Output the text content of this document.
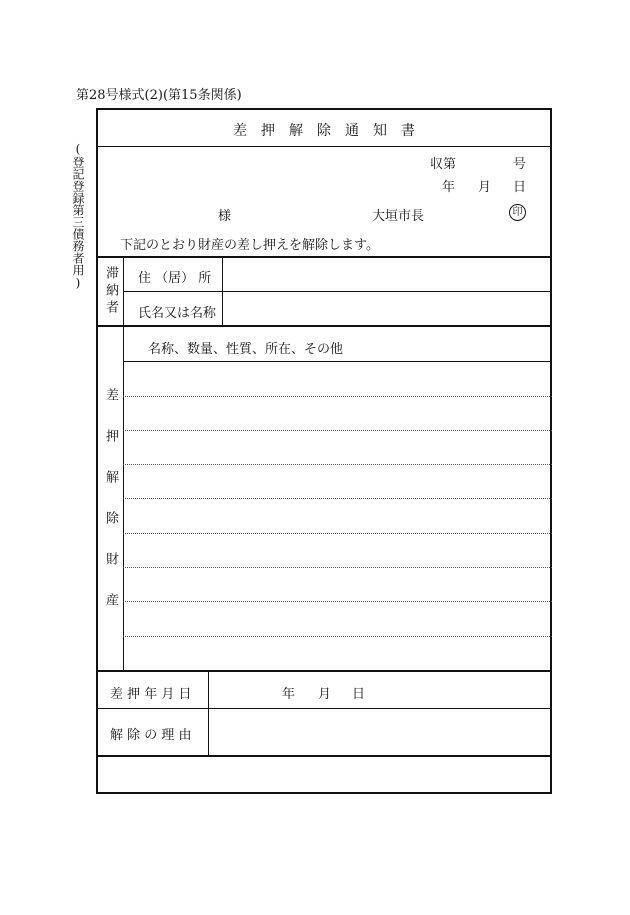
第28号様式(2)(第15条関係)
(登記登録第三債務者用)
差　押　解　除　通　知　書
収第	号
年 月 日
様	大垣市長	印
下記のとおり財産の差し押えを解除します。
滞納者 住 （居） 所
氏名又は名称
差押解除財産
名称、数量、性質、所在、その他
差 押 年 月 日	年 月 日
解 除 の 理 由
